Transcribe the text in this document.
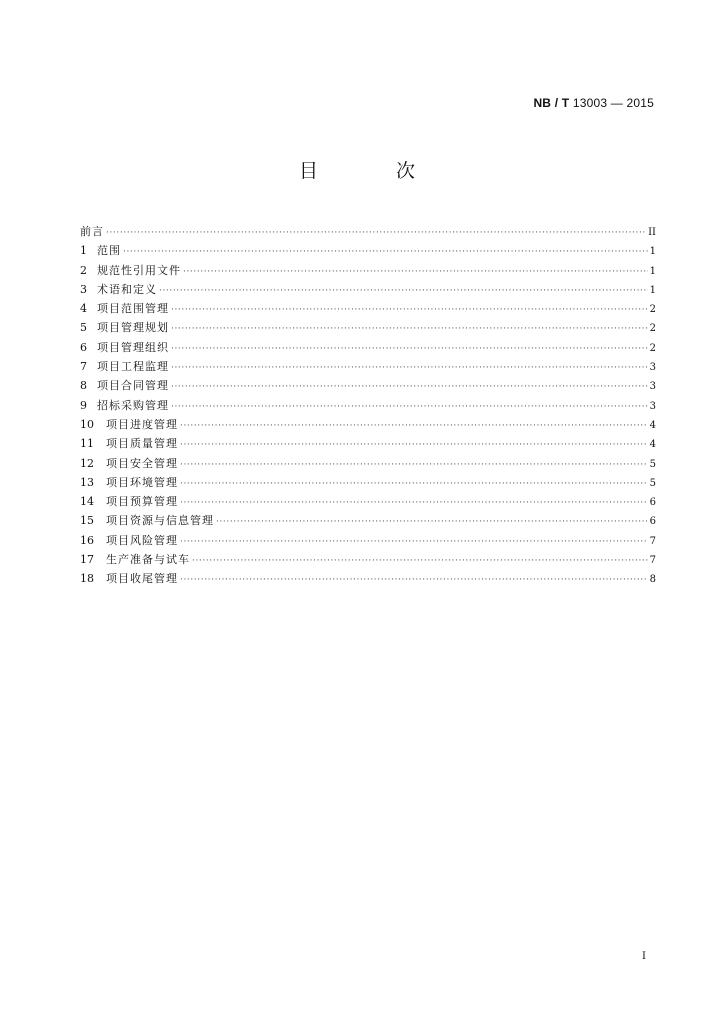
NB / T 13003 — 2015
目 次
前言 ·····	II
1 范围 ·····	1
2 规范性引用文件 ·····	1
3 术语和定义 ·····	1
4 项目范围管理 ·····	2
5 项目管理规划 ·····	2
6 项目管理组织 ·····	2
7 项目工程监理 ·····	3
8 项目合同管理 ·····	3
9 招标采购管理 ·····	3
10	项目进度管理 ·····	4
11	项目质量管理 ·····	4
12	项目安全管理 ·····	5
13	项目环境管理 ·····	5
14	项目预算管理 ·····	6
15	项目资源与信息管理 ·····	6
16	项目风险管理 ·····	7
17	生产准备与试车 ·····	7
18	项目收尾管理 ·····	8
I
